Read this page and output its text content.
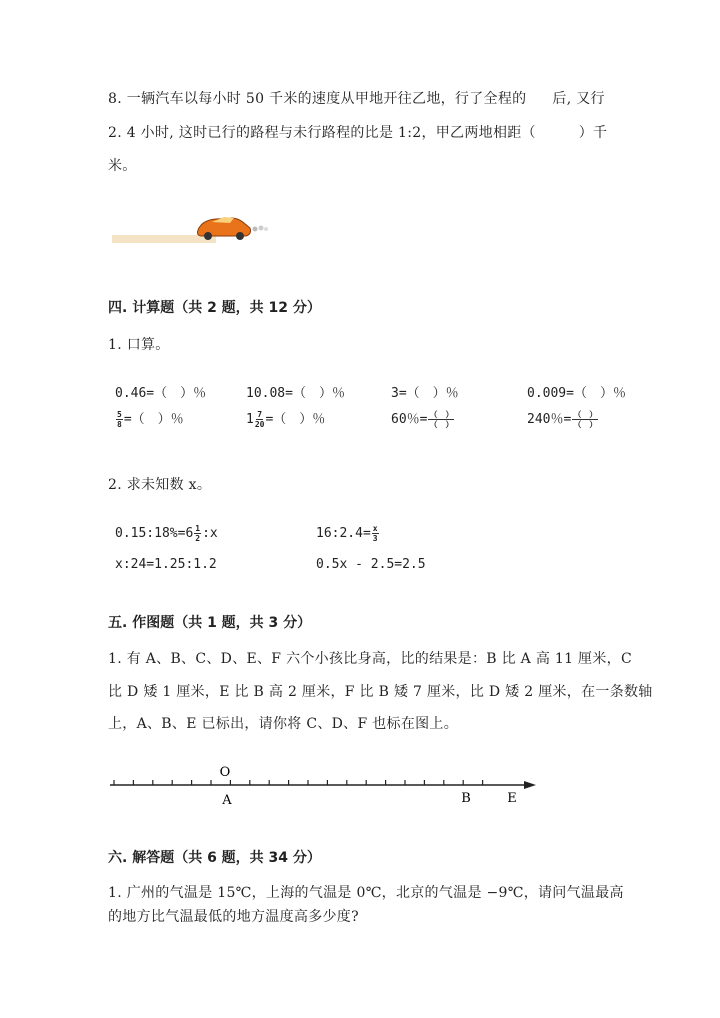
8. 一辆汽车以每小时 50 千米的速度从甲地开往乙地，行了全程的 后, 又行
2. 4 小时, 这时已行的路程与未行路程的比是 1:2，甲乙两地相距（　　　）千
米。
四. 计算题（共 2 题，共 12 分）
1. 口算。
0.46=（　）％	10.08=（　）％	3=（　）％	0.009=（　）％
$\frac{5}{8}$ =（　）％	$1 \frac{7}{20}$ =（　）％	60％= $\frac{( )}{( )}$	240％= $\frac{( )}{( )}$
2. 求未知数 x。
0.15:18%=6 $\frac{1}{2}$ :x	16:2.4= $\frac{x}{3}$
x:24=1.25:1.2	0.5x - 2.5=2.5
五. 作图题（共 1 题，共 3 分）
1. 有 A、B、C、D、E、F 六个小孩比身高，比的结果是：B 比 A 高 11 厘米，C
比 D 矮 1 厘米，E 比 B 高 2 厘米，F 比 B 矮 7 厘米，比 D 矮 2 厘米，在一条数轴
上，A、B、E 已标出，请你将 C、D、F 也标在图上。
O
A	B	E
六. 解答题（共 6 题，共 34 分）
1. 广州的气温是 15℃，上海的气温是 0℃，北京的气温是 −9℃，请问气温最高
的地方比气温最低的地方温度高多少度?
